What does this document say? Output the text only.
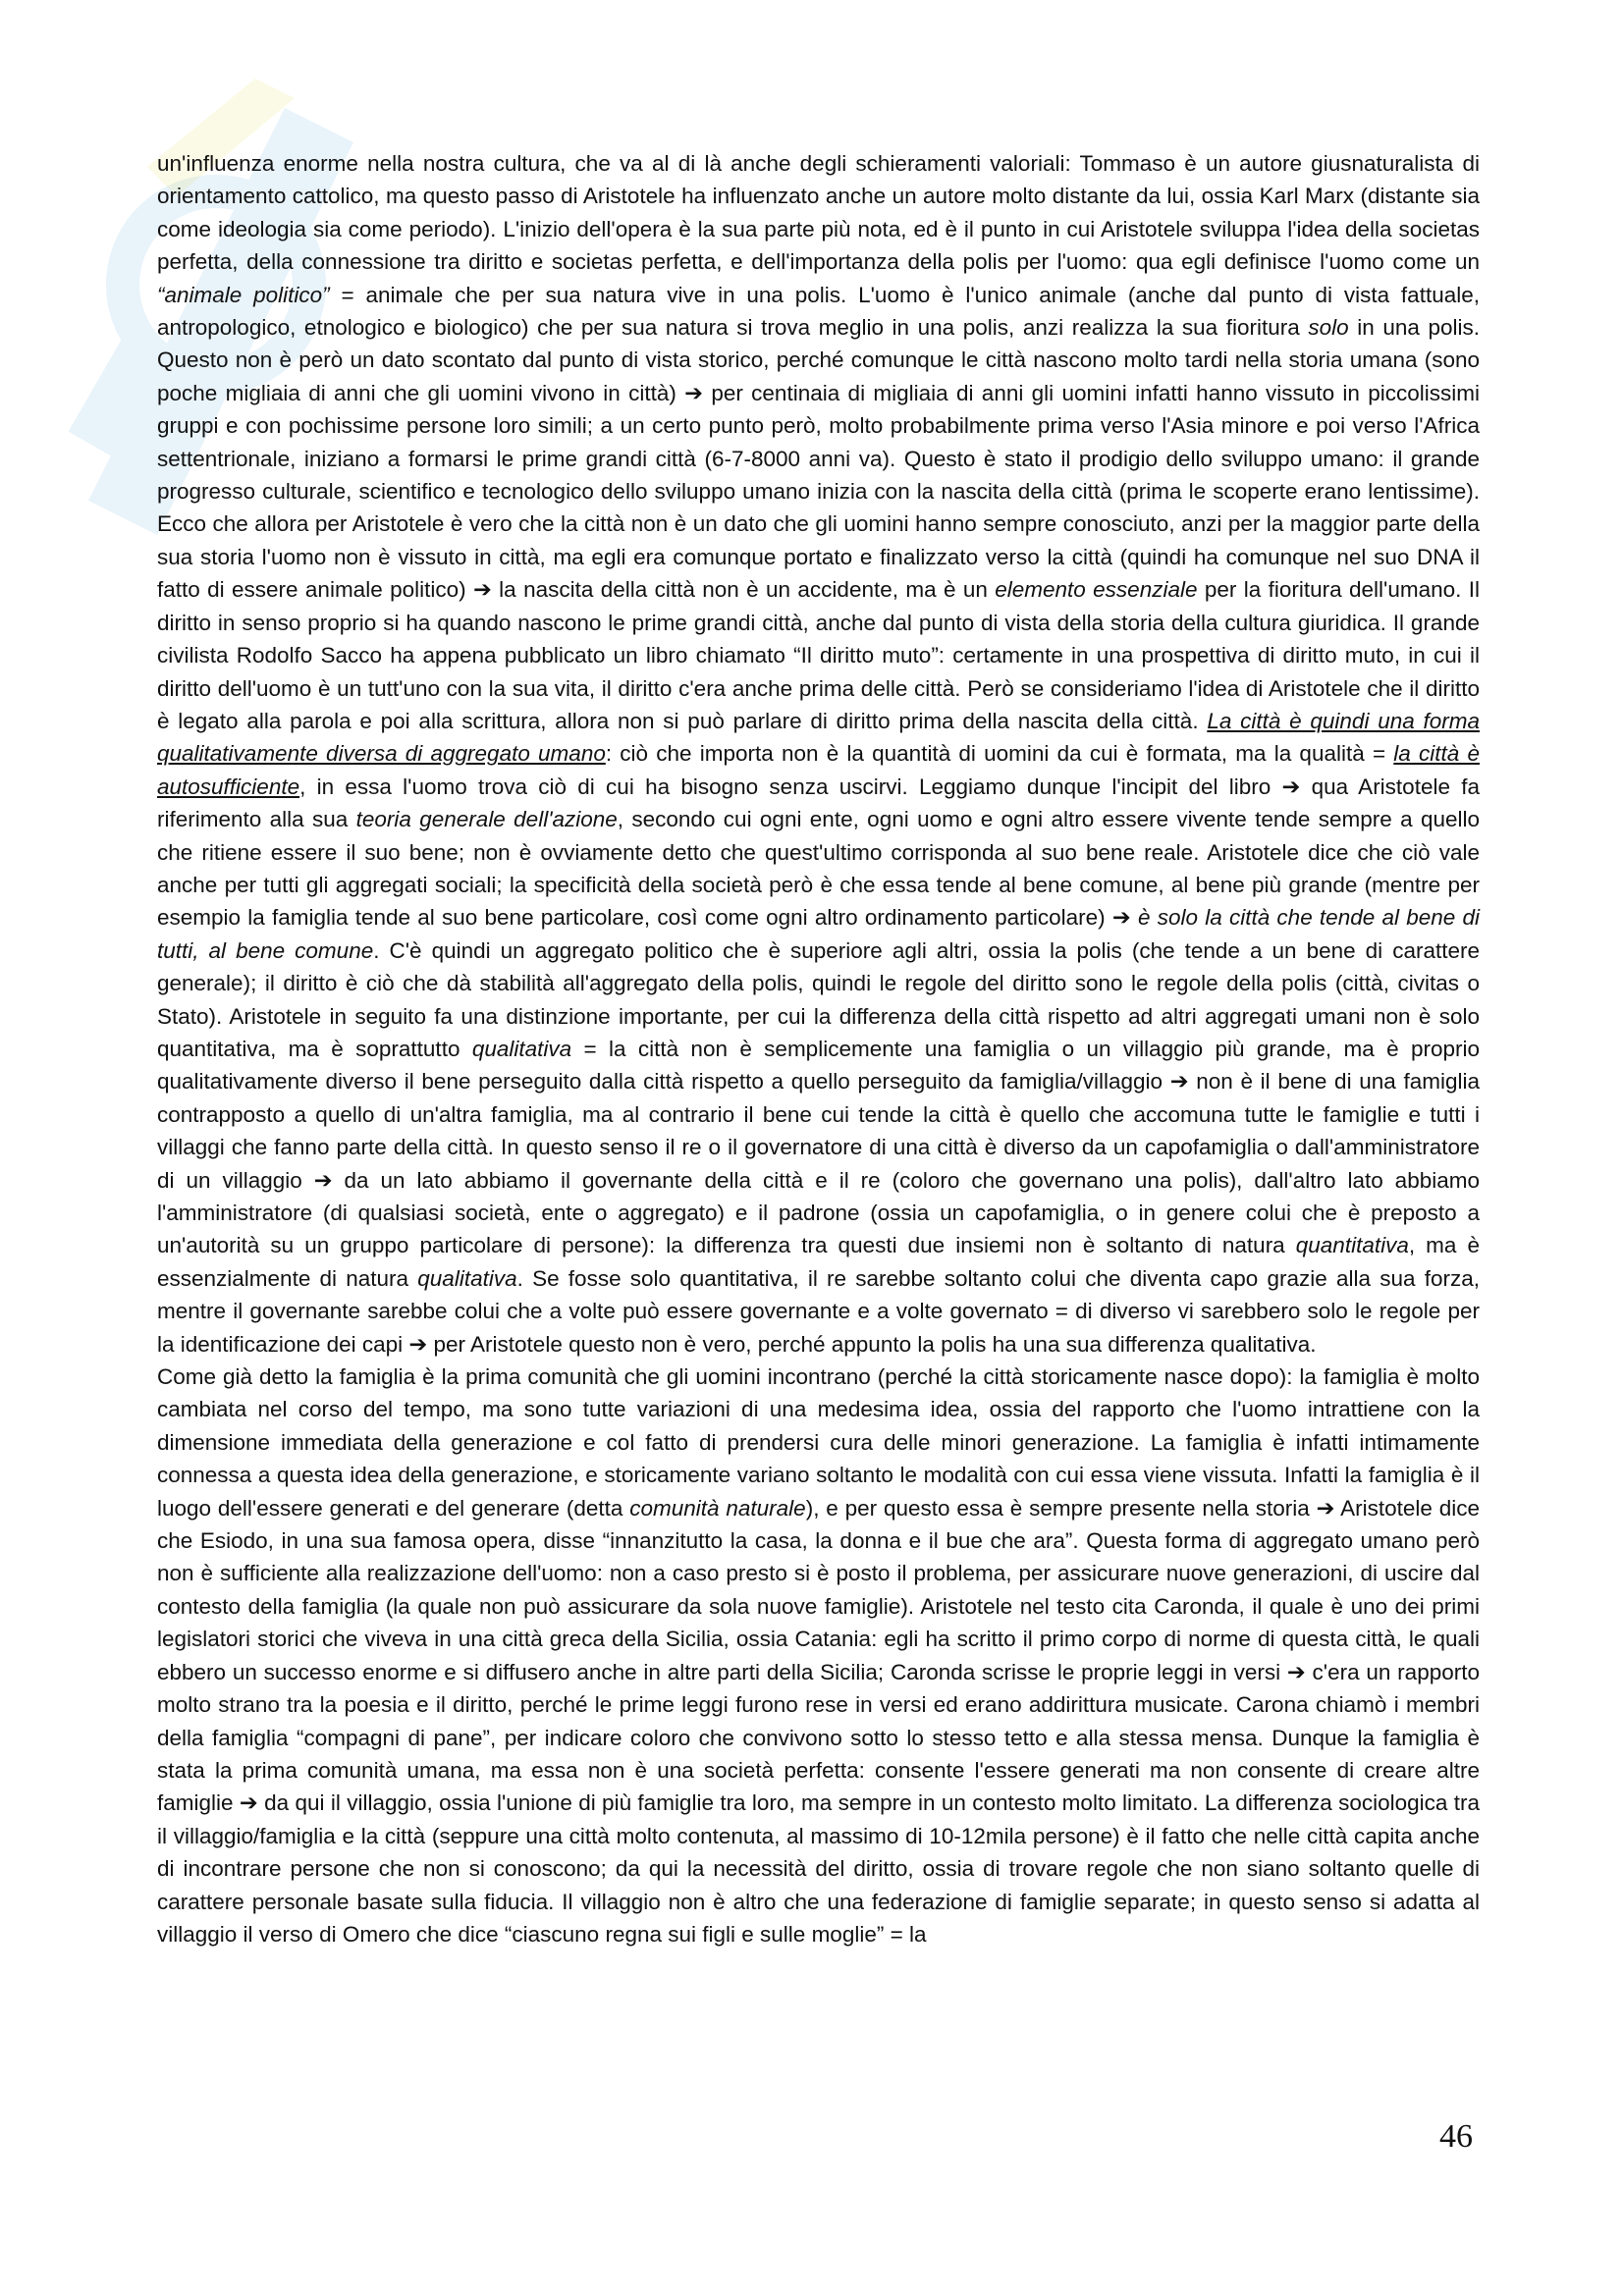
un'influenza enorme nella nostra cultura, che va al di là anche degli schieramenti valoriali: Tommaso è un autore giusnaturalista di orientamento cattolico, ma questo passo di Aristotele ha influenzato anche un autore molto distante da lui, ossia Karl Marx (distante sia come ideologia sia come periodo). L'inizio dell'opera è la sua parte più nota, ed è il punto in cui Aristotele sviluppa l'idea della societas perfetta, della connessione tra diritto e societas perfetta, e dell'importanza della polis per l'uomo: qua egli definisce l'uomo come un “animale politico” = animale che per sua natura vive in una polis. L'uomo è l'unico animale (anche dal punto di vista fattuale, antropologico, etnologico e biologico) che per sua natura si trova meglio in una polis, anzi realizza la sua fioritura solo in una polis. Questo non è però un dato scontato dal punto di vista storico, perché comunque le città nascono molto tardi nella storia umana (sono poche migliaia di anni che gli uomini vivono in città) ➔ per centinaia di migliaia di anni gli uomini infatti hanno vissuto in piccolissimi gruppi e con pochissime persone loro simili; a un certo punto però, molto probabilmente prima verso l'Asia minore e poi verso l'Africa settentrionale, iniziano a formarsi le prime grandi città (6-7-8000 anni va). Questo è stato il prodigio dello sviluppo umano: il grande progresso culturale, scientifico e tecnologico dello sviluppo umano inizia con la nascita della città (prima le scoperte erano lentissime). Ecco che allora per Aristotele è vero che la città non è un dato che gli uomini hanno sempre conosciuto, anzi per la maggior parte della sua storia l'uomo non è vissuto in città, ma egli era comunque portato e finalizzato verso la città (quindi ha comunque nel suo DNA il fatto di essere animale politico) ➔ la nascita della città non è un accidente, ma è un elemento essenziale per la fioritura dell'umano. Il diritto in senso proprio si ha quando nascono le prime grandi città, anche dal punto di vista della storia della cultura giuridica. Il grande civilista Rodolfo Sacco ha appena pubblicato un libro chiamato “Il diritto muto”: certamente in una prospettiva di diritto muto, in cui il diritto dell'uomo è un tutt'uno con la sua vita, il diritto c'era anche prima delle città. Però se consideriamo l'idea di Aristotele che il diritto è legato alla parola e poi alla scrittura, allora non si può parlare di diritto prima della nascita della città. La città è quindi una forma qualitativamente diversa di aggregato umano: ciò che importa non è la quantità di uomini da cui è formata, ma la qualità = la città è autosufficiente, in essa l'uomo trova ciò di cui ha bisogno senza uscirvi. Leggiamo dunque l'incipit del libro ➔ qua Aristotele fa riferimento alla sua teoria generale dell'azione, secondo cui ogni ente, ogni uomo e ogni altro essere vivente tende sempre a quello che ritiene essere il suo bene; non è ovviamente detto che quest'ultimo corrisponda al suo bene reale. Aristotele dice che ciò vale anche per tutti gli aggregati sociali; la specificità della società però è che essa tende al bene comune, al bene più grande (mentre per esempio la famiglia tende al suo bene particolare, così come ogni altro ordinamento particolare) ➔ è solo la città che tende al bene di tutti, al bene comune. C'è quindi un aggregato politico che è superiore agli altri, ossia la polis (che tende a un bene di carattere generale); il diritto è ciò che dà stabilità all'aggregato della polis, quindi le regole del diritto sono le regole della polis (città, civitas o Stato). Aristotele in seguito fa una distinzione importante, per cui la differenza della città rispetto ad altri aggregati umani non è solo quantitativa, ma è soprattutto qualitativa = la città non è semplicemente una famiglia o un villaggio più grande, ma è proprio qualitativamente diverso il bene perseguito dalla città rispetto a quello perseguito da famiglia/villaggio ➔ non è il bene di una famiglia contrapposto a quello di un'altra famiglia, ma al contrario il bene cui tende la città è quello che accomuna tutte le famiglie e tutti i villaggi che fanno parte della città. In questo senso il re o il governatore di una città è diverso da un capofamiglia o dall'amministratore di un villaggio ➔ da un lato abbiamo il governante della città e il re (coloro che governano una polis), dall'altro lato abbiamo l'amministratore (di qualsiasi società, ente o aggregato) e il padrone (ossia un capofamiglia, o in genere colui che è preposto a un'autorità su un gruppo particolare di persone): la differenza tra questi due insiemi non è soltanto di natura quantitativa, ma è essenzialmente di natura qualitativa. Se fosse solo quantitativa, il re sarebbe soltanto colui che diventa capo grazie alla sua forza, mentre il governante sarebbe colui che a volte può essere governante e a volte governato = di diverso vi sarebbero solo le regole per la identificazione dei capi ➔ per Aristotele questo non è vero, perché appunto la polis ha una sua differenza qualitativa.

Come già detto la famiglia è la prima comunità che gli uomini incontrano (perché la città storicamente nasce dopo): la famiglia è molto cambiata nel corso del tempo, ma sono tutte variazioni di una medesima idea, ossia del rapporto che l'uomo intrattiene con la dimensione immediata della generazione e col fatto di prendersi cura delle minori generazione. La famiglia è infatti intimamente connessa a questa idea della generazione, e storicamente variano soltanto le modalità con cui essa viene vissuta. Infatti la famiglia è il luogo dell'essere generati e del generare (detta comunità naturale), e per questo essa è sempre presente nella storia ➔ Aristotele dice che Esiodo, in una sua famosa opera, disse “innanzitutto la casa, la donna e il bue che ara”. Questa forma di aggregato umano però non è sufficiente alla realizzazione dell'uomo: non a caso presto si è posto il problema, per assicurare nuove generazioni, di uscire dal contesto della famiglia (la quale non può assicurare da sola nuove famiglie). Aristotele nel testo cita Caronda, il quale è uno dei primi legislatori storici che viveva in una città greca della Sicilia, ossia Catania: egli ha scritto il primo corpo di norme di questa città, le quali ebbero un successo enorme e si diffusero anche in altre parti della Sicilia; Caronda scrisse le proprie leggi in versi ➔ c'era un rapporto molto strano tra la poesia e il diritto, perché le prime leggi furono rese in versi ed erano addirittura musicate. Carona chiamò i membri della famiglia “compagni di pane”, per indicare coloro che convivono sotto lo stesso tetto e alla stessa mensa. Dunque la famiglia è stata la prima comunità umana, ma essa non è una società perfetta: consente l'essere generati ma non consente di creare altre famiglie ➔ da qui il villaggio, ossia l'unione di più famiglie tra loro, ma sempre in un contesto molto limitato. La differenza sociologica tra il villaggio/famiglia e la città (seppure una città molto contenuta, al massimo di 10-12mila persone) è il fatto che nelle città capita anche di incontrare persone che non si conoscono; da qui la necessità del diritto, ossia di trovare regole che non siano soltanto quelle di carattere personale basate sulla fiducia. Il villaggio non è altro che una federazione di famiglie separate; in questo senso si adatta al villaggio il verso di Omero che dice “ciascuno regna sui figli e sulle moglie” = la

46
